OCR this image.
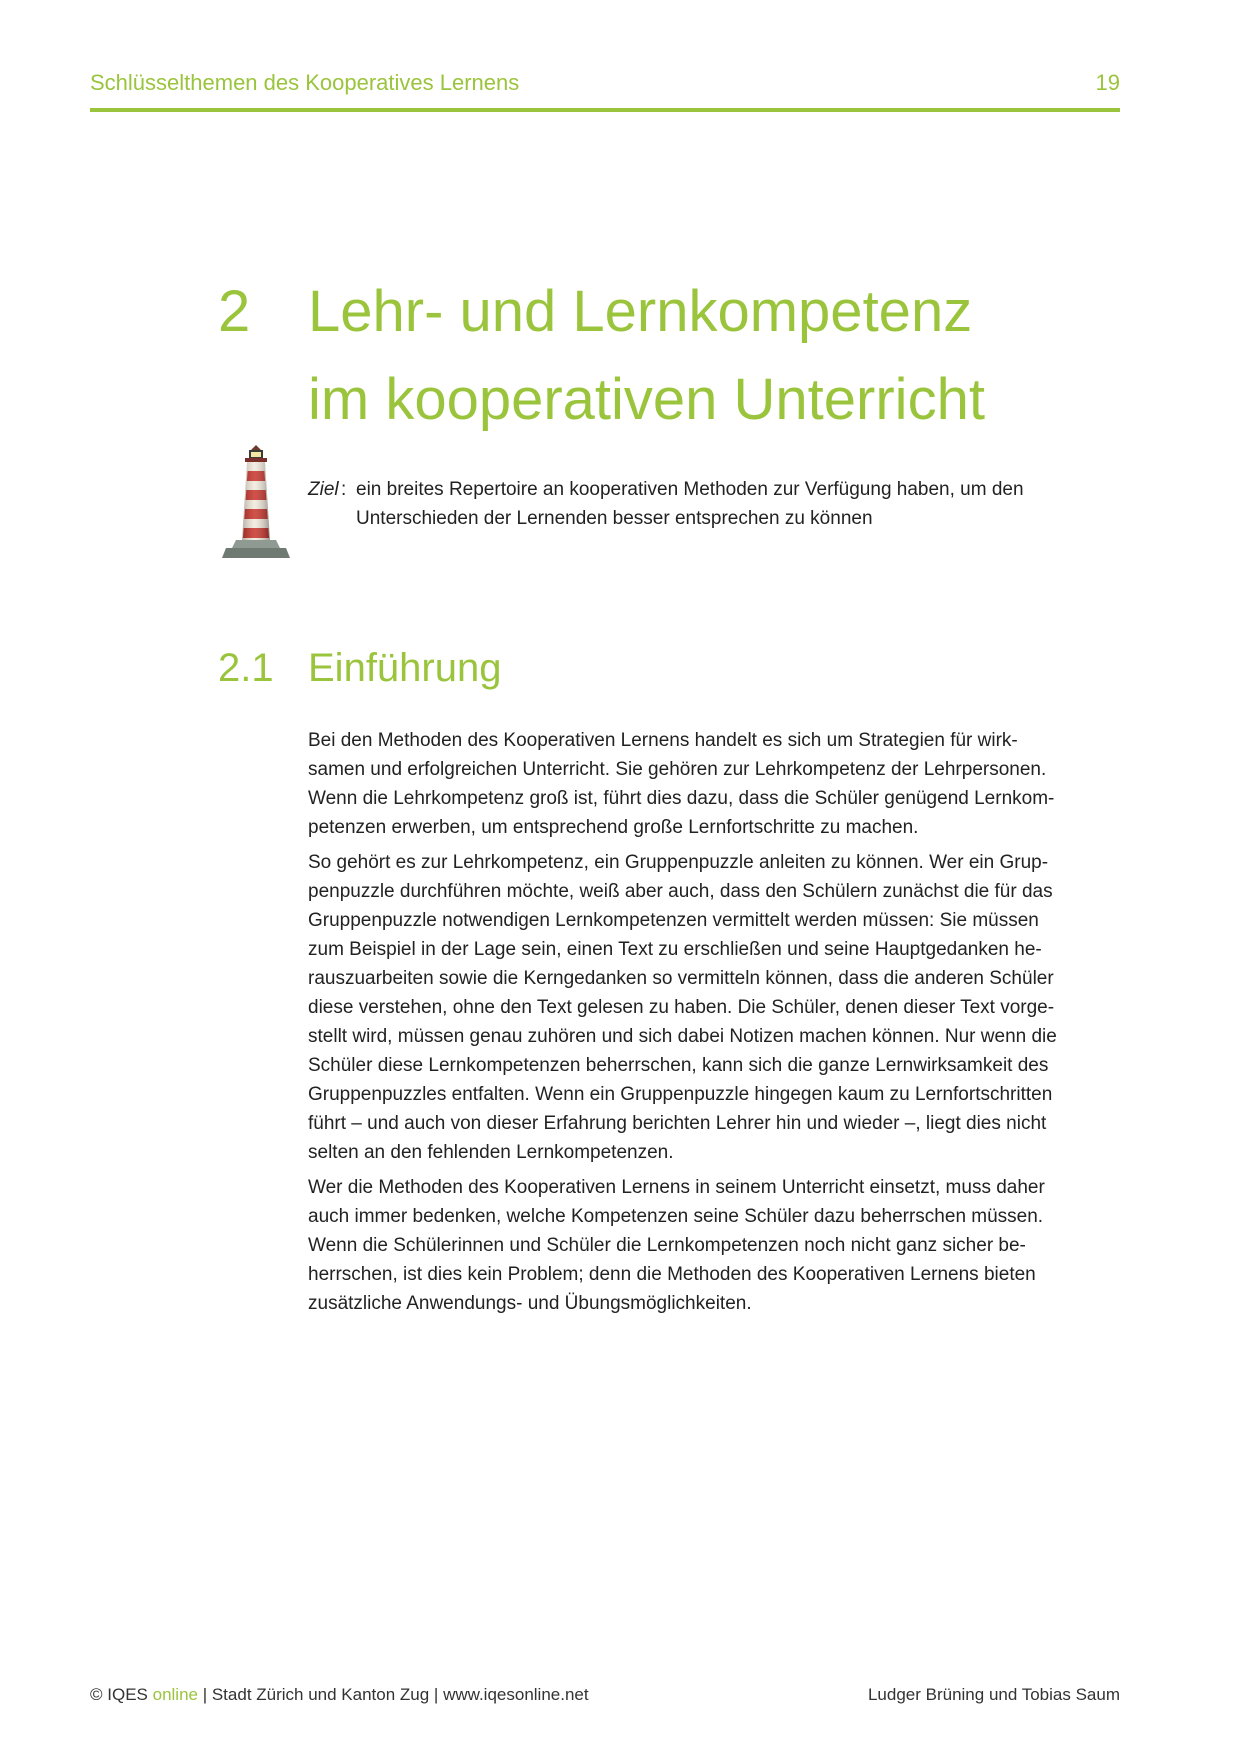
Schlüsselthemen des Kooperatives Lernens	19
2 Lehr- und Lernkompetenz
im kooperativen Unterricht
Ziel : ein breites Repertoire an kooperativen Methoden zur Verfügung haben, um den
Unterschieden der Lernenden besser entsprechen zu können
2.1 Einführung

Bei den Methoden des Kooperativen Lernens handelt es sich um Strategien für wirk-
samen und erfolgreichen Unterricht. Sie gehören zur Lehrkompetenz der Lehrpersonen.
Wenn die Lehrkompetenz groß ist, führt dies dazu, dass die Schüler genügend Lernkom-
petenzen erwerben, um entsprechend große Lernfortschritte zu machen.

So gehört es zur Lehrkompetenz, ein Gruppenpuzzle anleiten zu können. Wer ein Grup-
penpuzzle durchführen möchte, weiß aber auch, dass den Schülern zunächst die für das
Gruppenpuzzle notwendigen Lernkompetenzen vermittelt werden müssen: Sie müssen
zum Beispiel in der Lage sein, einen Text zu erschließen und seine Hauptgedanken he-
rauszuarbeiten sowie die Kerngedanken so vermitteln können, dass die anderen Schüler
diese verstehen, ohne den Text gelesen zu haben. Die Schüler, denen dieser Text vorge-
stellt wird, müssen genau zuhören und sich dabei Notizen machen können. Nur wenn die
Schüler diese Lernkompetenzen beherrschen, kann sich die ganze Lernwirksamkeit des
Gruppenpuzzles entfalten. Wenn ein Gruppenpuzzle hingegen kaum zu Lernfortschritten
führt – und auch von dieser Erfahrung berichten Lehrer hin und wieder –, liegt dies nicht
selten an den fehlenden Lernkompetenzen.

Wer die Methoden des Kooperativen Lernens in seinem Unterricht einsetzt, muss daher
auch immer bedenken, welche Kompetenzen seine Schüler dazu beherrschen müssen.
Wenn die Schülerinnen und Schüler die Lernkompetenzen noch nicht ganz sicher be-
herrschen, ist dies kein Problem; denn die Methoden des Kooperativen Lernens bieten
zusätzliche Anwendungs- und Übungsmöglichkeiten.

© IQES online | Stadt Zürich und Kanton Zug | www.iqesonline.net	Ludger Brüning und Tobias Saum
